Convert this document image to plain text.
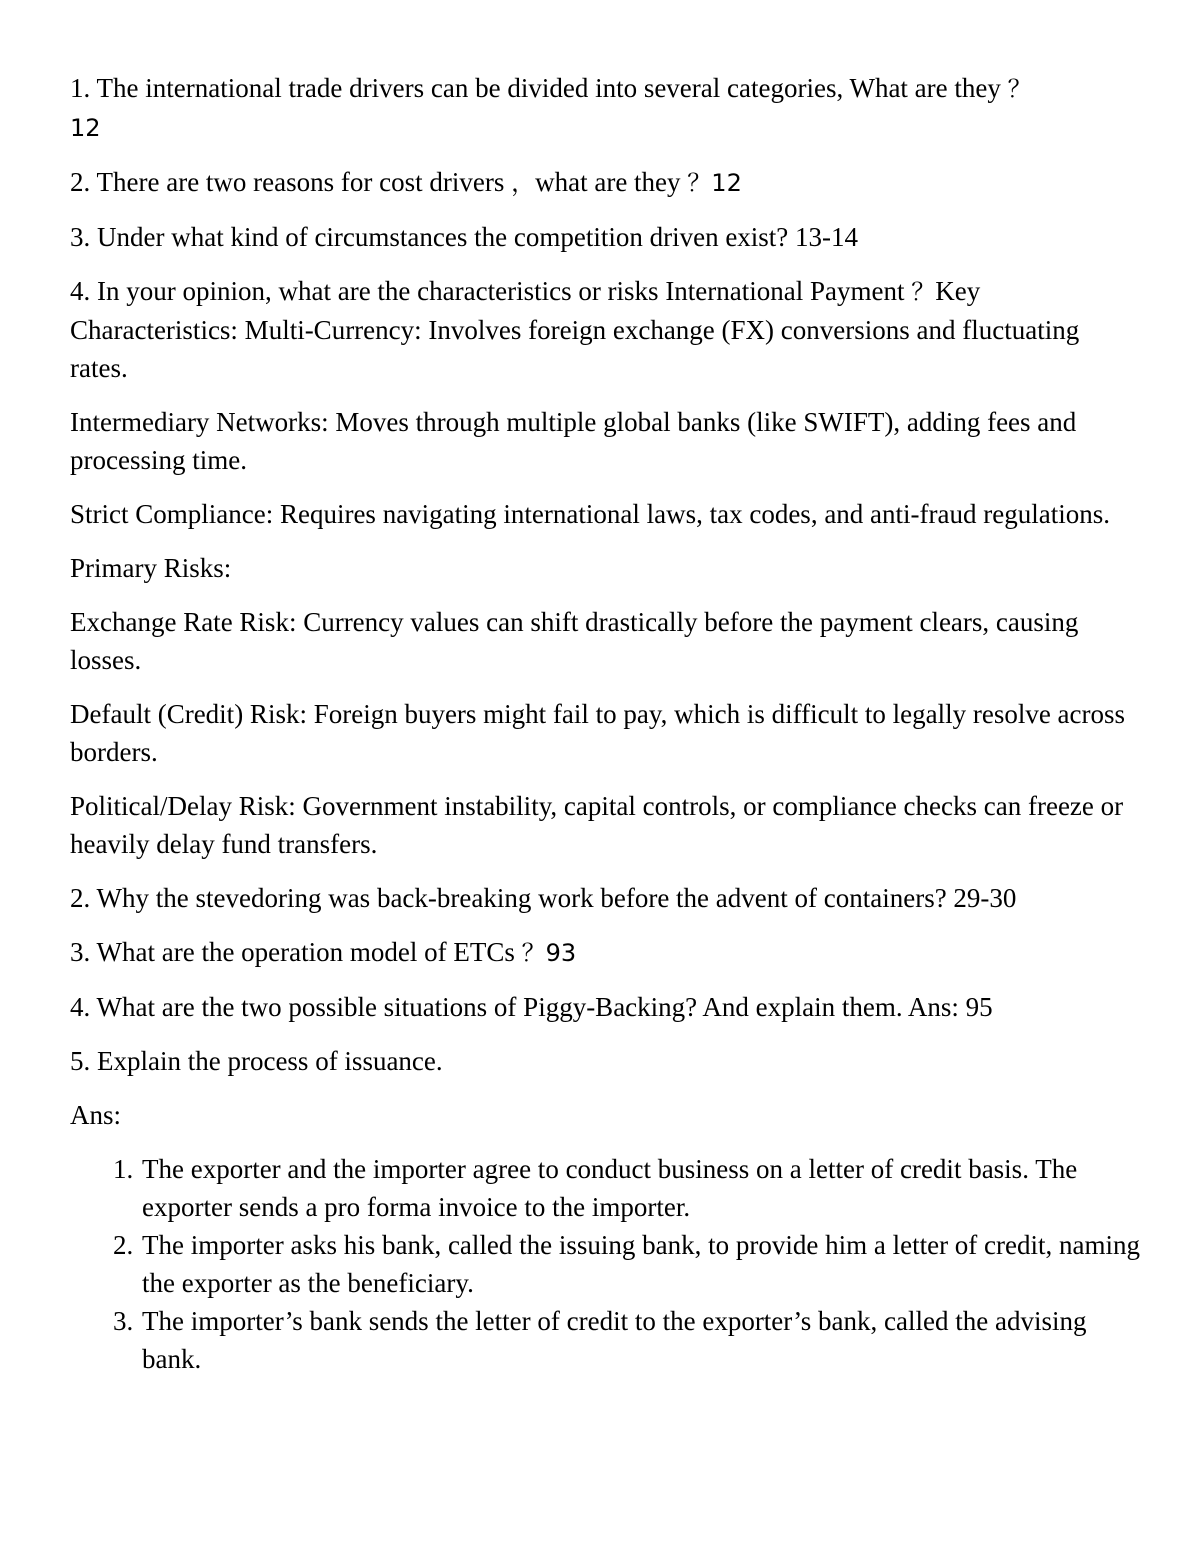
1. The international trade drivers can be divided into several categories, What are they ？
12

2. There are two reasons for cost drivers ，what are they ？12

3. Under what kind of circumstances the competition driven exist? 13-14

4. In your opinion, what are the characteristics or risks International Payment ？Key Characteristics: Multi-Currency: Involves foreign exchange (FX) conversions and fluctuating rates.

Intermediary Networks: Moves through multiple global banks (like SWIFT), adding fees and processing time.

Strict Compliance: Requires navigating international laws, tax codes, and anti-fraud regulations.

Primary Risks:

Exchange Rate Risk: Currency values can shift drastically before the payment clears, causing losses.

Default (Credit) Risk: Foreign buyers might fail to pay, which is difficult to legally resolve across borders.

Political/Delay Risk: Government instability, capital controls, or compliance checks can freeze or heavily delay fund transfers.

2. Why the stevedoring was back-breaking work before the advent of containers? 29-30

3. What are the operation model of ETCs ？93

4. What are the two possible situations of Piggy-Backing? And explain them. Ans: 95

5. Explain the process of issuance.

Ans:

1. The exporter and the importer agree to conduct business on a letter of credit basis. The exporter sends a pro forma invoice to the importer.
2. The importer asks his bank, called the issuing bank, to provide him a letter of credit, naming the exporter as the beneficiary.
3. The importer’s bank sends the letter of credit to the exporter’s bank, called the advising bank.
